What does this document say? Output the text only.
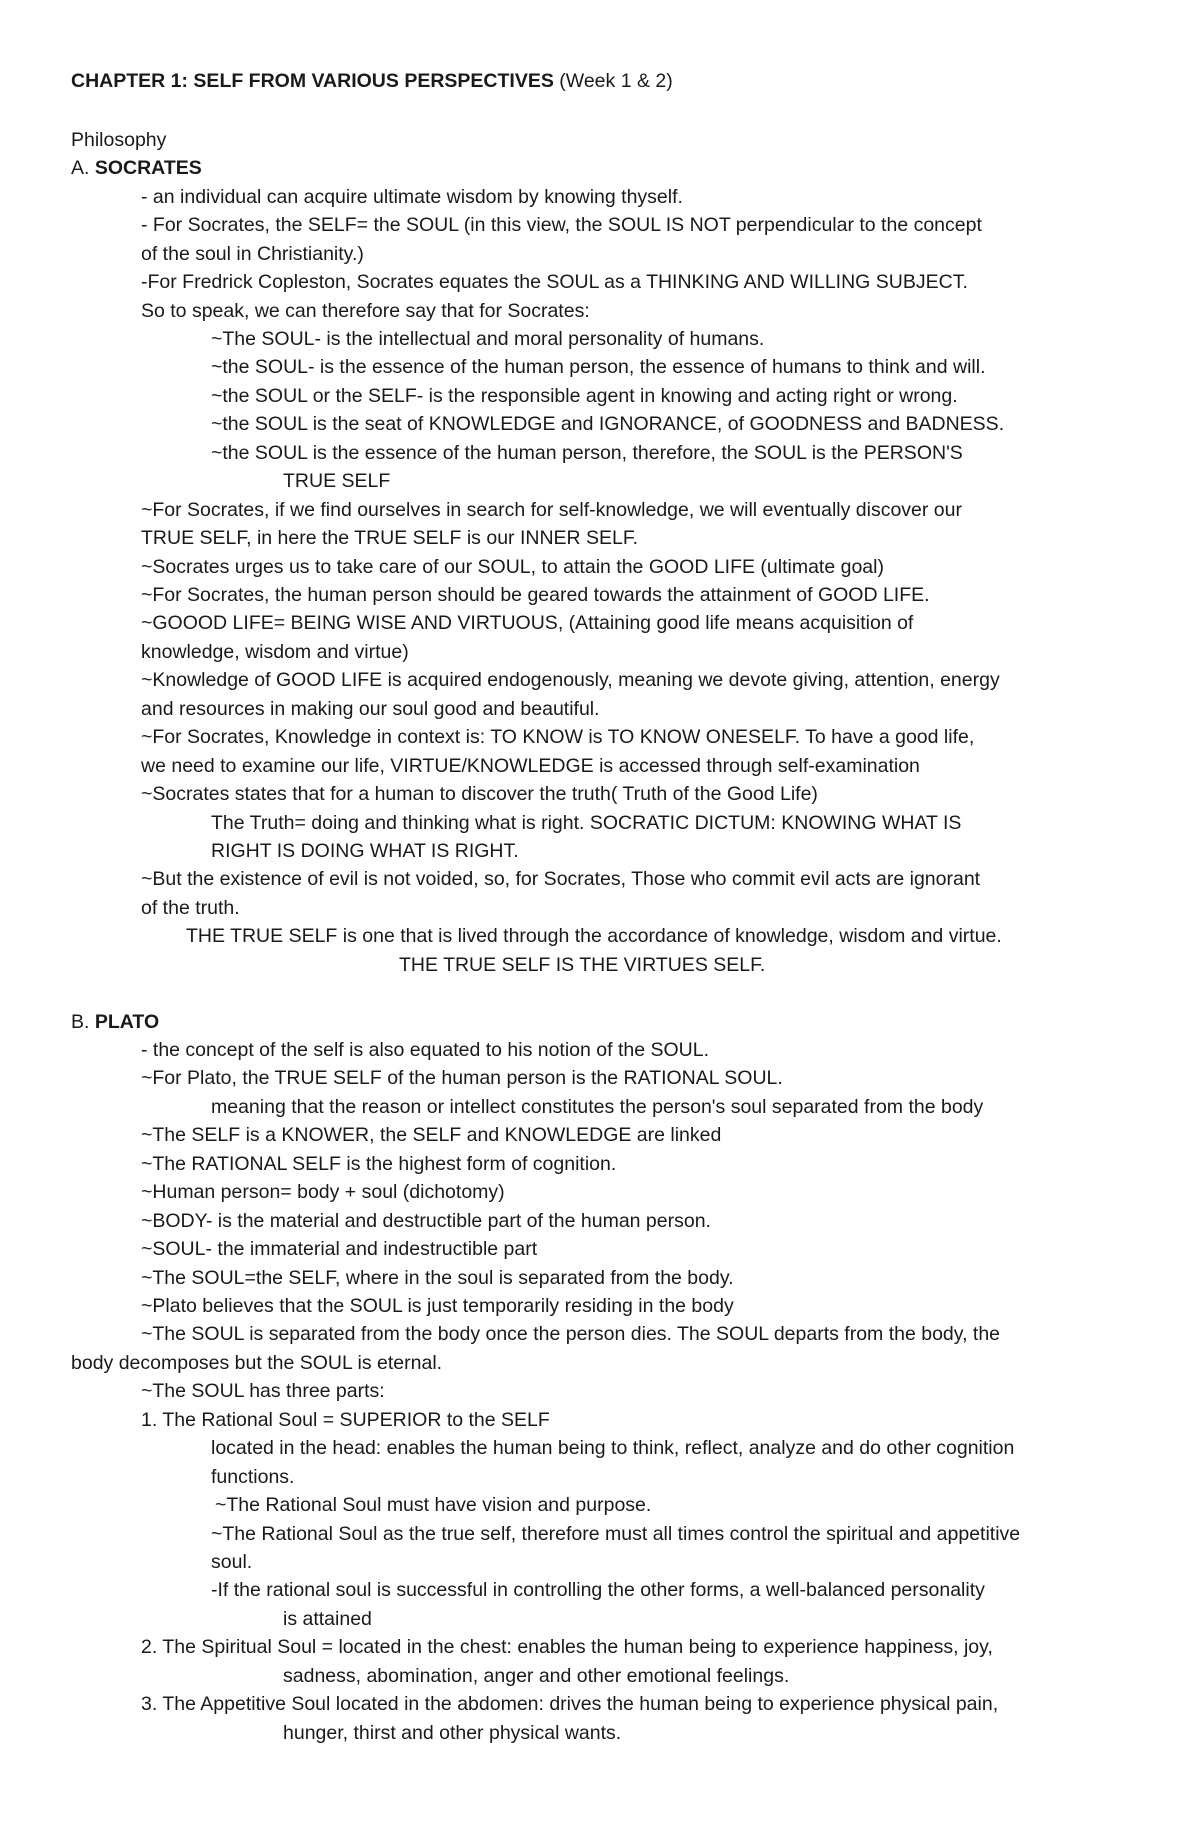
CHAPTER 1: SELF FROM VARIOUS PERSPECTIVES (Week 1 & 2)
Philosophy
A. SOCRATES
- an individual can acquire ultimate wisdom by knowing thyself.
- For Socrates, the SELF= the SOUL (in this view, the SOUL IS NOT perpendicular to the concept
of the soul in Christianity.)
-For Fredrick Copleston, Socrates equates the SOUL as a THINKING AND WILLING SUBJECT.
So to speak, we can therefore say that for Socrates:
~The SOUL- is the intellectual and moral personality of humans.
~the SOUL- is the essence of the human person, the essence of humans to think and will.
~the SOUL or the SELF- is the responsible agent in knowing and acting right or wrong.
~the SOUL is the seat of KNOWLEDGE and IGNORANCE, of GOODNESS and BADNESS.
~the SOUL is the essence of the human person, therefore, the SOUL is the PERSON'S
TRUE SELF
~For Socrates, if we find ourselves in search for self-knowledge, we will eventually discover our
TRUE SELF, in here the TRUE SELF is our INNER SELF.
~Socrates urges us to take care of our SOUL, to attain the GOOD LIFE (ultimate goal)
~For Socrates, the human person should be geared towards the attainment of GOOD LIFE.
~GOOOD LIFE= BEING WISE AND VIRTUOUS, (Attaining good life means acquisition of
knowledge, wisdom and virtue)
~Knowledge of GOOD LIFE is acquired endogenously, meaning we devote giving, attention, energy
and resources in making our soul good and beautiful.
~For Socrates, Knowledge in context is: TO KNOW is TO KNOW ONESELF. To have a good life,
we need to examine our life, VIRTUE/KNOWLEDGE is accessed through self-examination
~Socrates states that for a human to discover the truth( Truth of the Good Life)
The Truth= doing and thinking what is right. SOCRATIC DICTUM: KNOWING WHAT IS
RIGHT IS DOING WHAT IS RIGHT.
~But the existence of evil is not voided, so, for Socrates, Those who commit evil acts are ignorant
of the truth.
THE TRUE SELF is one that is lived through the accordance of knowledge, wisdom and virtue.
THE TRUE SELF IS THE VIRTUES SELF.
B. PLATO
- the concept of the self is also equated to his notion of the SOUL.
~For Plato, the TRUE SELF of the human person is the RATIONAL SOUL.
meaning that the reason or intellect constitutes the person's soul separated from the body
~The SELF is a KNOWER, the SELF and KNOWLEDGE are linked
~The RATIONAL SELF is the highest form of cognition.
~Human person= body + soul (dichotomy)
~BODY- is the material and destructible part of the human person.
~SOUL- the immaterial and indestructible part
~The SOUL=the SELF, where in the soul is separated from the body.
~Plato believes that the SOUL is just temporarily residing in the body
~The SOUL is separated from the body once the person dies. The SOUL departs from the body, the
body decomposes but the SOUL is eternal.
~The SOUL has three parts:
1. The Rational Soul = SUPERIOR to the SELF
located in the head: enables the human being to think, reflect, analyze and do other cognition
functions.
~The Rational Soul must have vision and purpose.
~The Rational Soul as the true self, therefore must all times control the spiritual and appetitive
soul.
-If the rational soul is successful in controlling the other forms, a well-balanced personality
is attained
2. The Spiritual Soul = located in the chest: enables the human being to experience happiness, joy,
sadness, abomination, anger and other emotional feelings.
3. The Appetitive Soul located in the abdomen: drives the human being to experience physical pain,
hunger, thirst and other physical wants.
